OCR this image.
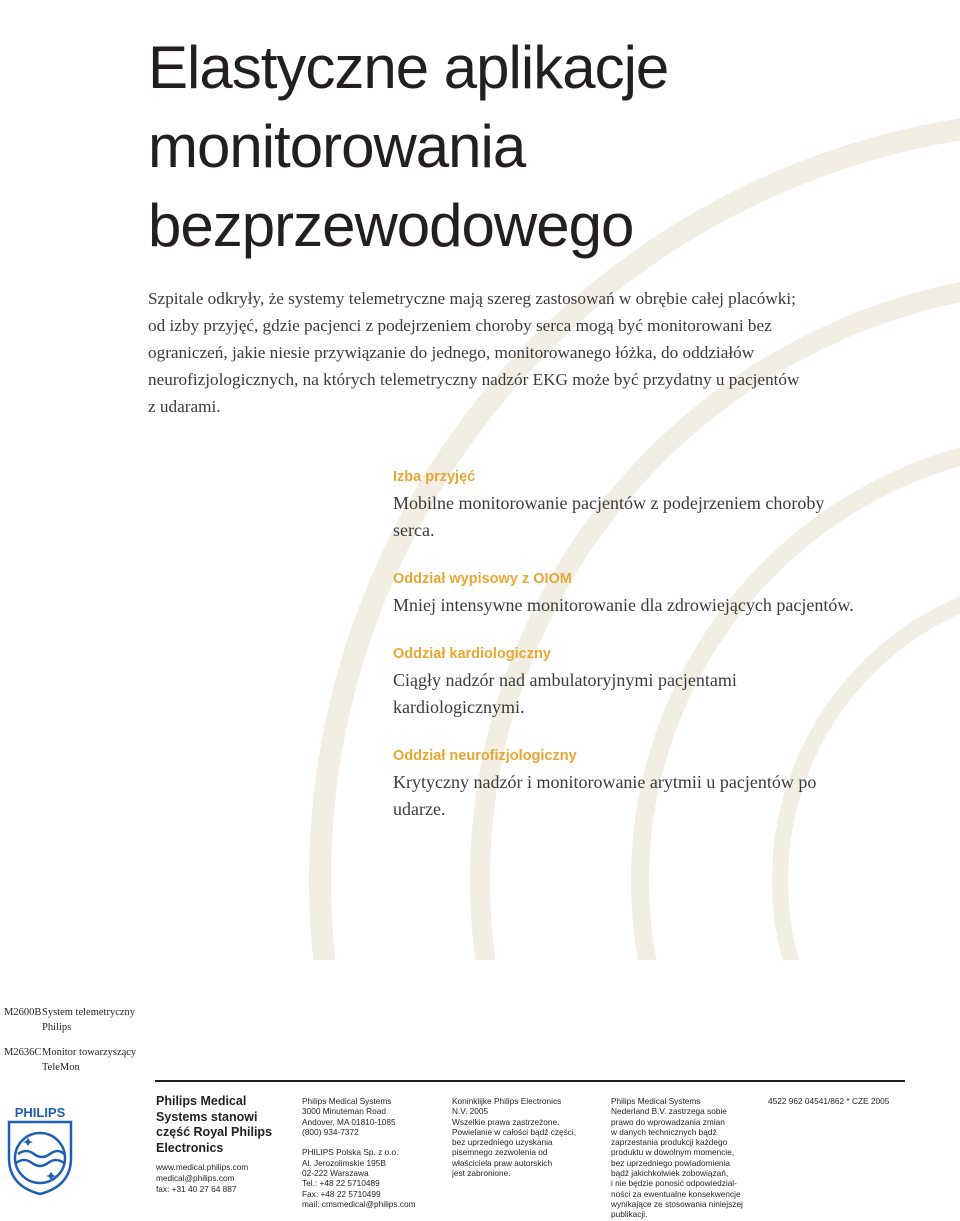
Elastyczne aplikacje
monitorowania
bezprzewodowego

Szpitale odkryły, że systemy telemetryczne mają szereg zastosowań w obrębie całej placówki; od izby przyjęć, gdzie pacjenci z podejrzeniem choroby serca mogą być monitorowani bez ograniczeń, jakie niesie przywiązanie do jednego, monitorowanego łóżka, do oddziałów neurofizjologicznych, na których telemetryczny nadzór EKG może być przydatny u pacjentów z udarami.

Izba przyjęć

Mobilne monitorowanie pacjentów z podejrzeniem choroby serca.

Oddział wypisowy z OIOM

Mniej intensywne monitorowanie dla zdrowiejących pacjentów.

Oddział kardiologiczny

Ciągły nadzór nad ambulatoryjnymi pacjentami kardiologicznymi.

Oddział neurofizjologiczny

Krytyczny nadzór i monitorowanie arytmii u pacjentów po udarze.

M2600B System telemetryczny Philips
M2636C Monitor towarzyszący TeleMon
PHILIPS
Philips Medical Systems stanowi część Royal Philips Electronics
www.medical.philips.com
medical@philips.com
fax: +31 40 27 64 887
Philips Medical Systems
3000 Minuteman Road
Andover, MA 01810-1085
(800) 934-7372

PHILIPS Polska Sp. z o.o.
Al. Jerozolimskie 195B
02-222 Warszawa
Tel.: +48 22 5710489
Fax: +48 22 5710499
mail: cmsmedical@philips.com
Koninklijke Philips Electronics
N.V. 2005
Wszelkie prawa zastrzeżone.
Powielanie w całości bądź części,
bez uprzedniego uzyskania
pisemnego zezwolenia od
właściciela praw autorskich
jest zabronione.
Philips Medical Systems
Nederland B.V. zastrzega sobie
prawo do wprowadzania zmian
w danych technicznych bądź
zaprzestania produkcji każdego
produktu w dowolnym momencie,
bez uprzedniego powiadomienia
bądź jakichkolwiek zobowiązań,
i nie będzie ponosić odpowiedzial-
ności za ewentualne konsekwencje
wynikające ze stosowania niniejszej
publikacji.
4522 962 04541/862 * CZE 2005
